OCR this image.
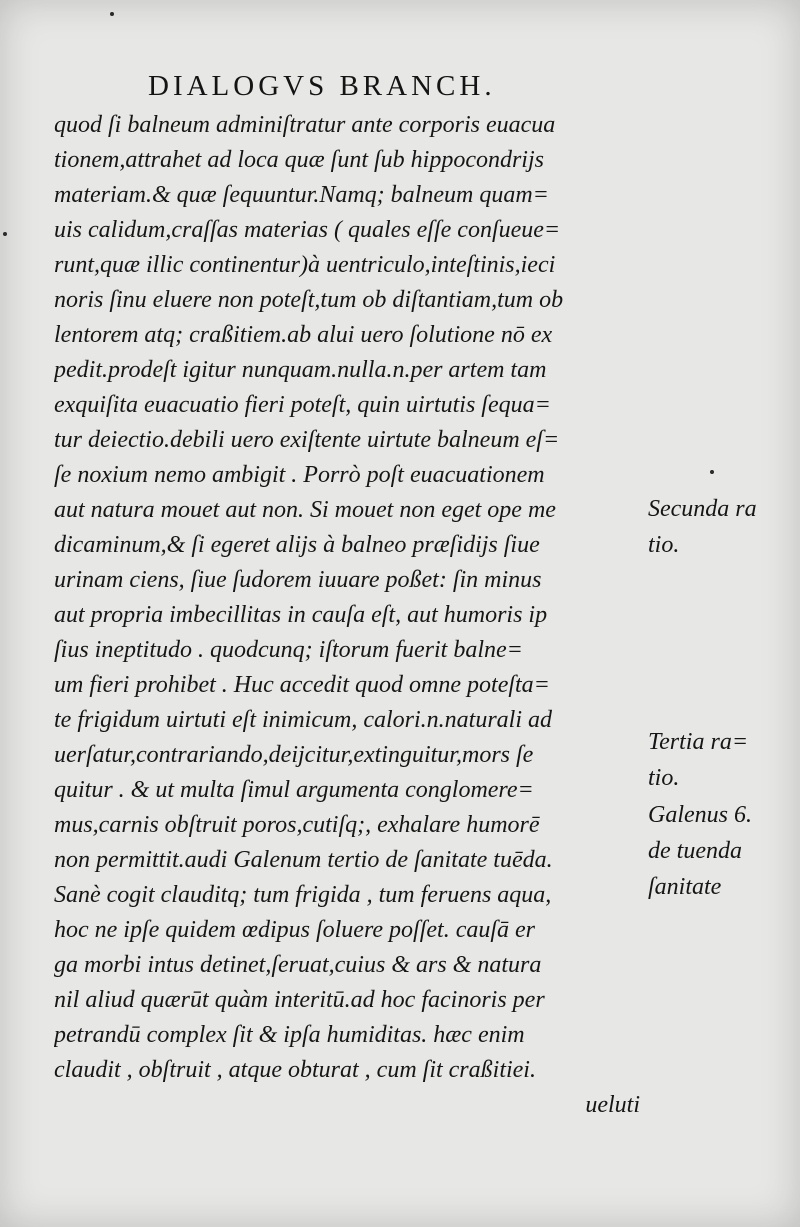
DIALOGVS BRANCH.
quod ſi balneum adminiſtratur ante corporis euacua
tionem,attrahet ad loca quæ ſunt ſub hippocondrijs
materiam.& quæ ſequuntur.Namq; balneum quam=
uis calidum,craſſas materias ( quales eſſe conſueue=
runt,quæ illic continentur)à uentriculo,inteſtinis,ieci
noris ſinu eluere non poteſt,tum ob diſtantiam,tum ob
lentorem atq; craßitiem.ab alui uero ſolutione nō ex
pedit.prodeſt igitur nunquam.nulla.n.per artem tam
exquiſita euacuatio fieri poteſt, quin uirtutis ſequa=
tur deiectio.debili uero exiſtente uirtute balneum eſ=
ſe noxium nemo ambigit . Porrò poſt euacuationem
aut natura mouet aut non. Si mouet non eget ope me
dicaminum,& ſi egeret alijs à balneo præſidijs ſiue
urinam ciens, ſiue ſudorem iuuare poßet: ſin minus
aut propria imbecillitas in cauſa eſt, aut humoris ip
ſius ineptitudo . quodcunq; iſtorum fuerit balne=
um fieri prohibet . Huc accedit quod omne poteſta=
te frigidum uirtuti eſt inimicum, calori.n.naturali ad
uerſatur,contrariando,deijcitur,extinguitur,mors ſe
quitur . & ut multa ſimul argumenta conglomere=
mus,carnis obſtruit poros,cutiſq;, exhalare humorē
non permittit.audi Galenum tertio de ſanitate tuēda.
Sanè cogit clauditq; tum frigida , tum feruens aqua,
hoc ne ipſe quidem œdipus ſoluere poſſet. cauſā er
ga morbi intus detinet,ſeruat,cuius & ars & natura
nil aliud quærūt quàm interitū.ad hoc facinoris per
petrandū complex ſit & ipſa humiditas. hæc enim
claudit , obſtruit , atque obturat , cum ſit craßitiei.
ueluti
Secunda ra
tio.
Tertia ra=
tio.
Galenus 6.
de tuenda
ſanitate
